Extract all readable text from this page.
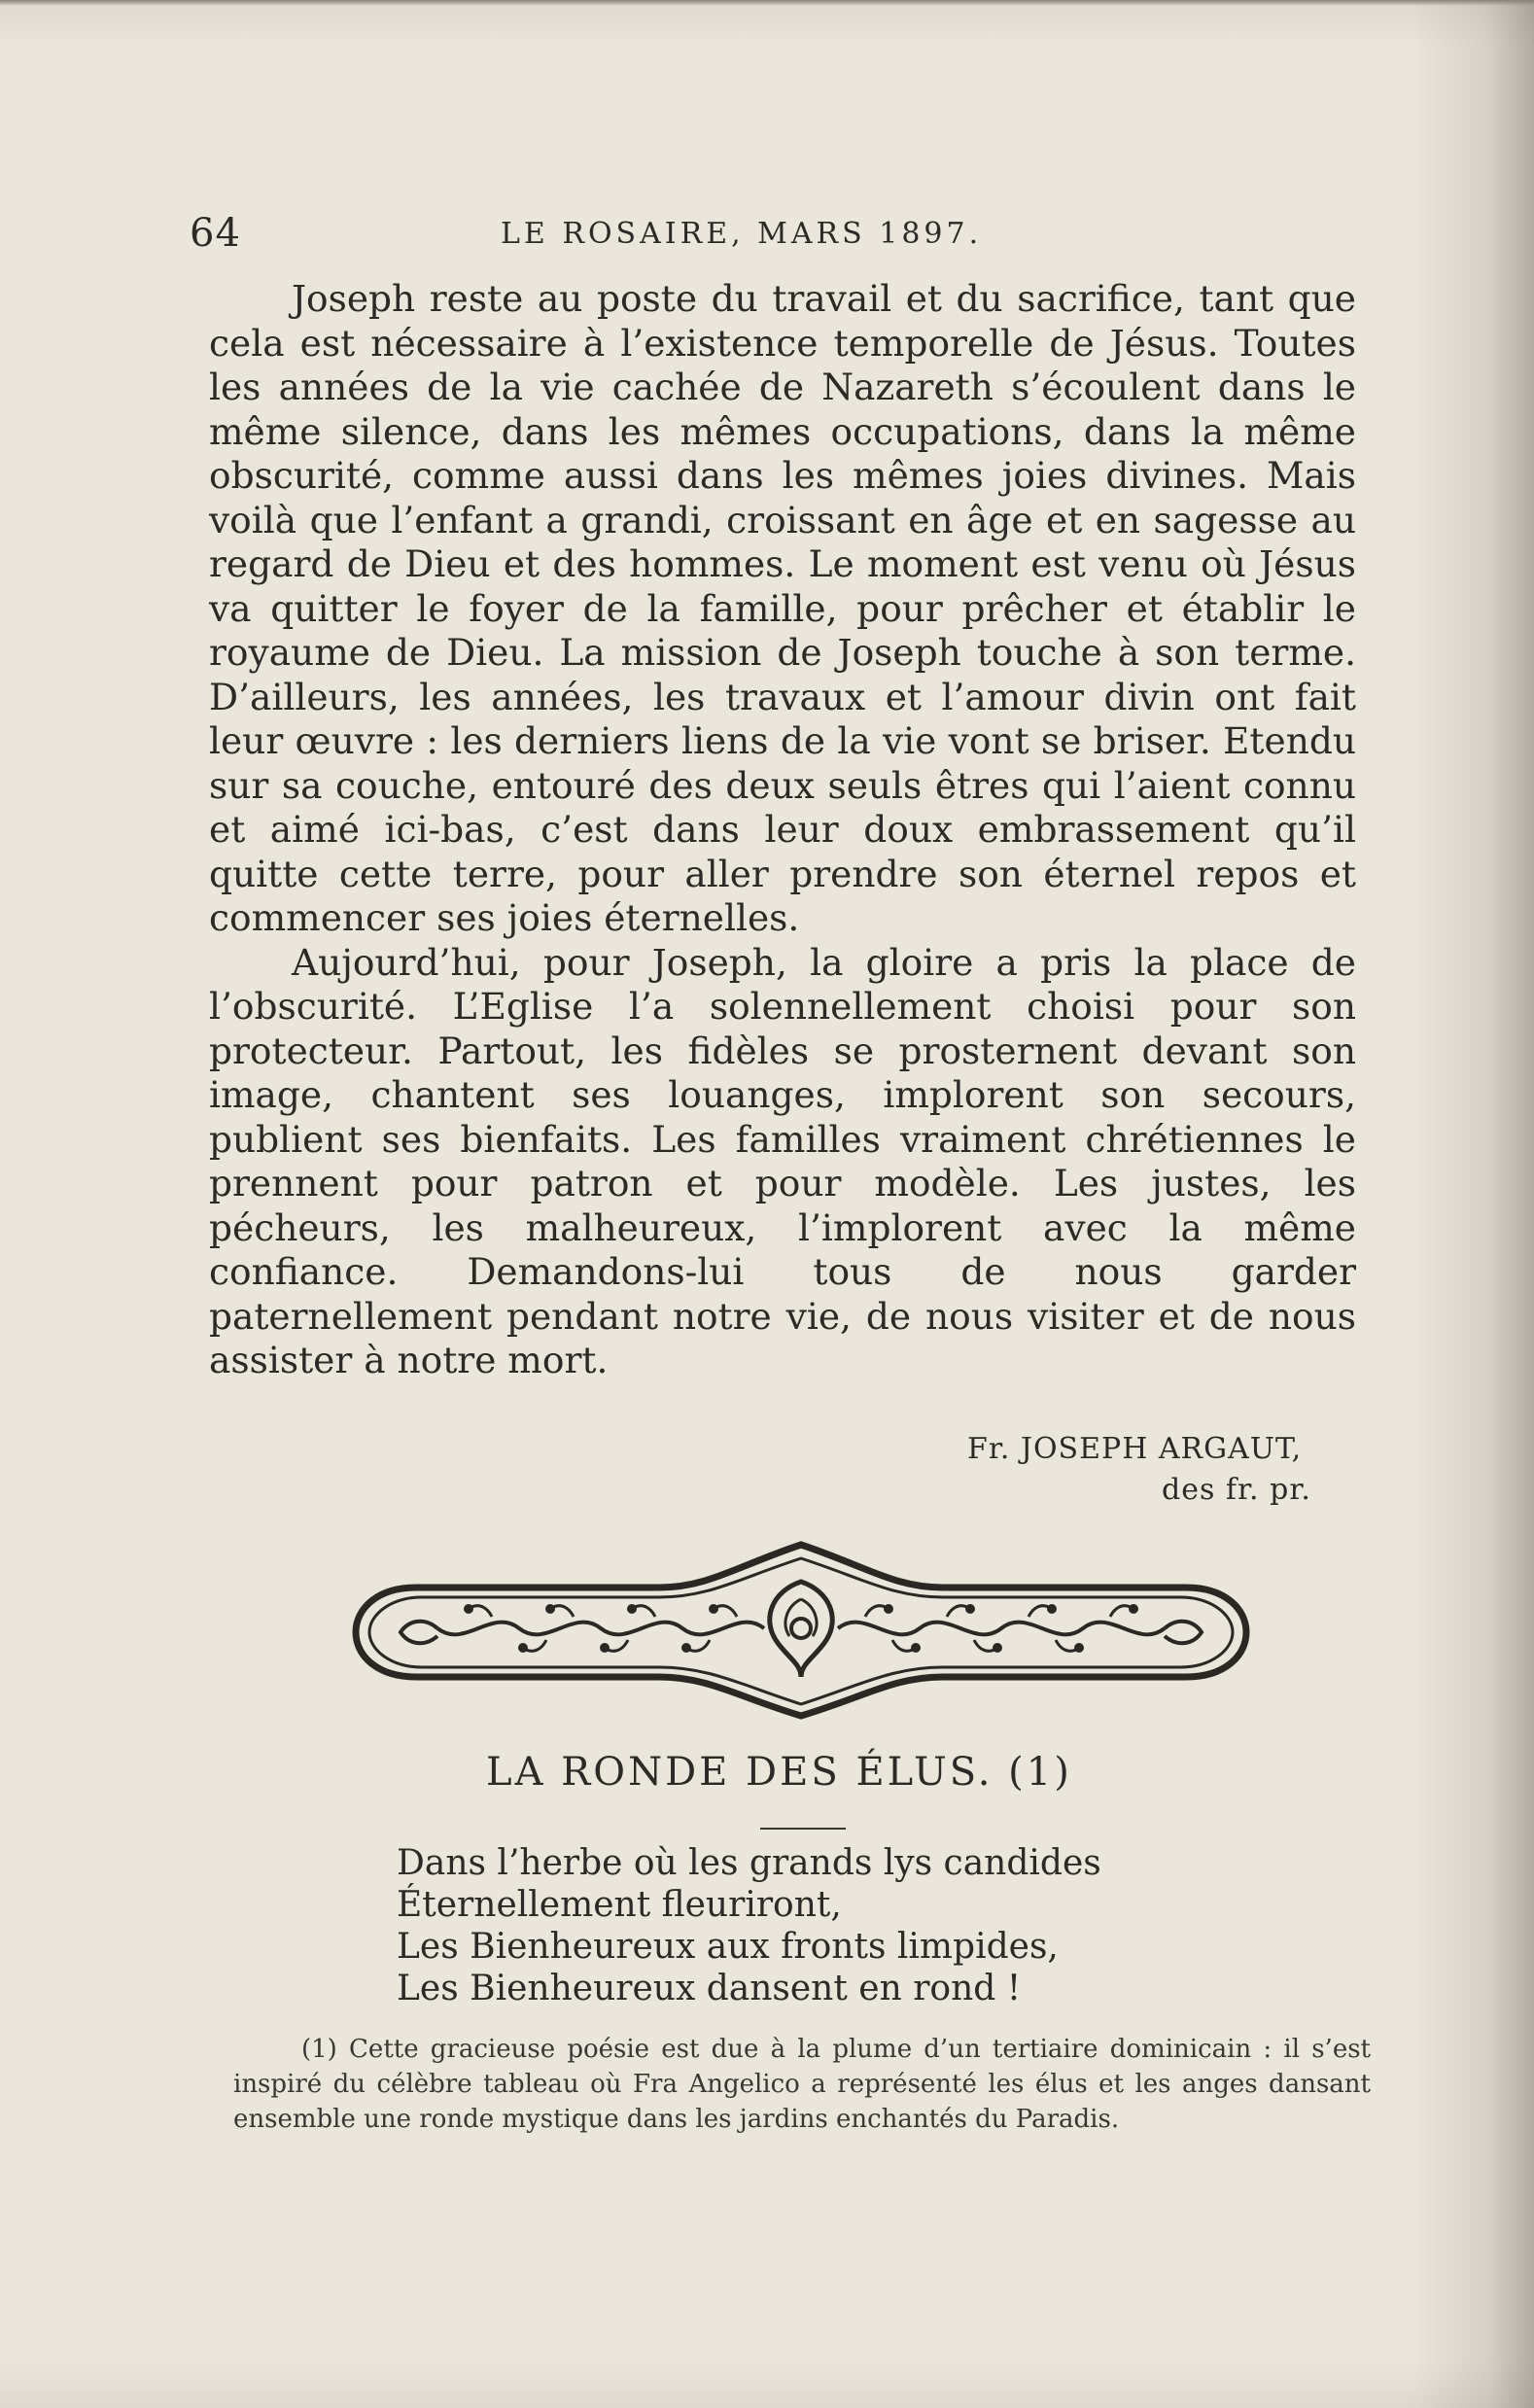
64	LE ROSAIRE, MARS 1897.

Joseph reste au poste du travail et du sacrifice, tant que cela est nécessaire à l’existence temporelle de Jésus. Toutes les années de la vie cachée de Nazareth s’écoulent dans le même silence, dans les mêmes occupations, dans la même obscurité, comme aussi dans les mêmes joies divines. Mais voilà que l’enfant a grandi, croissant en âge et en sagesse au regard de Dieu et des hommes. Le moment est venu où Jésus va quitter le foyer de la famille, pour prêcher et établir le royaume de Dieu. La mission de Joseph touche à son terme. D’ailleurs, les années, les travaux et l’amour divin ont fait leur œuvre : les derniers liens de la vie vont se briser. Etendu sur sa couche, entouré des deux seuls êtres qui l’aient connu et aimé ici-bas, c’est dans leur doux embrassement qu’il quitte cette terre, pour aller prendre son éternel repos et commencer ses joies éternelles.

Aujourd’hui, pour Joseph, la gloire a pris la place de l’obscurité. L’Eglise l’a solennellement choisi pour son protecteur. Partout, les fidèles se prosternent devant son image, chantent ses louanges, implorent son secours, publient ses bienfaits. Les familles vraiment chrétiennes le prennent pour patron et pour modèle. Les justes, les pécheurs, les malheureux, l’implorent avec la même confiance. Demandons-lui tous de nous garder paternellement pendant notre vie, de nous visiter et de nous assister à notre mort.

Fr. JOSEPH ARGAUT,
des fr. pr.
LA RONDE DES ÉLUS. (1)
Dans l’herbe où les grands lys candides
Éternellement fleuriront,
Les Bienheureux aux fronts limpides,
Les Bienheureux dansent en rond !
(1) Cette gracieuse poésie est due à la plume d’un tertiaire dominicain : il s’est inspiré du célèbre tableau où Fra Angelico a représenté les élus et les anges dansant ensemble une ronde mystique dans les jardins enchantés du Paradis.
